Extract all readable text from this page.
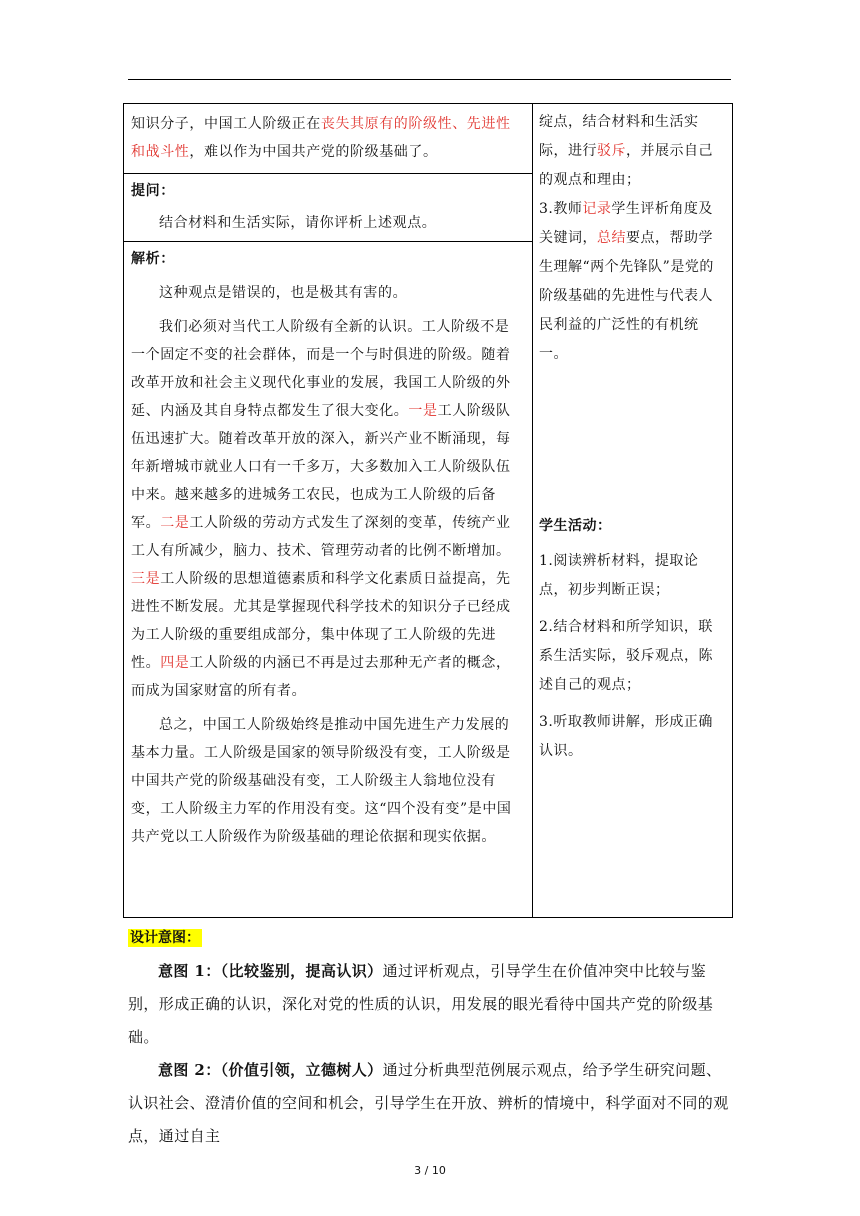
知识分子，中国工人阶级正在丧失其原有的阶级性、先进性和战斗性，难以作为中国共产党的阶级基础了。
提问：
结合材料和生活实际，请你评析上述观点。
解析：
这种观点是错误的，也是极其有害的。
我们必须对当代工人阶级有全新的认识。工人阶级不是一个固定不变的社会群体，而是一个与时俱进的阶级。随着改革开放和社会主义现代化事业的发展，我国工人阶级的外延、内涵及其自身特点都发生了很大变化。一是工人阶级队伍迅速扩大。随着改革开放的深入，新兴产业不断涌现，每年新增城市就业人口有一千多万，大多数加入工人阶级队伍中来。越来越多的进城务工农民，也成为工人阶级的后备军。二是工人阶级的劳动方式发生了深刻的变革，传统产业工人有所减少，脑力、技术、管理劳动者的比例不断增加。三是工人阶级的思想道德素质和科学文化素质日益提高，先进性不断发展。尤其是掌握现代科学技术的知识分子已经成为工人阶级的重要组成部分，集中体现了工人阶级的先进性。四是工人阶级的内涵已不再是过去那种无产者的概念，而成为国家财富的所有者。
总之，中国工人阶级始终是推动中国先进生产力发展的基本力量。工人阶级是国家的领导阶级没有变，工人阶级是中国共产党的阶级基础没有变，工人阶级主人翁地位没有变，工人阶级主力军的作用没有变。这“四个没有变”是中国共产党以工人阶级作为阶级基础的理论依据和现实依据。
绽点，结合材料和生活实际，进行驳斥，并展示自己的观点和理由；
3.教师记录学生评析角度及关键词，总结要点，帮助学生理解“两个先锋队”是党的阶级基础的先进性与代表人民利益的广泛性的有机统一。
学生活动：
1.阅读辨析材料，提取论点，初步判断正误；
2.结合材料和所学知识，联系生活实际，驳斥观点，陈述自己的观点；
3.听取教师讲解，形成正确认识。
设计意图：

意图 1：（比较鉴别，提高认识）通过评析观点，引导学生在价值冲突中比较与鉴别，形成正确的认识，深化对党的性质的认识，用发展的眼光看待中国共产党的阶级基础。

意图 2：（价值引领，立德树人）通过分析典型范例展示观点，给予学生研究问题、认识社会、澄清价值的空间和机会，引导学生在开放、辨析的情境中，科学面对不同的观点，通过自主

3 / 10
